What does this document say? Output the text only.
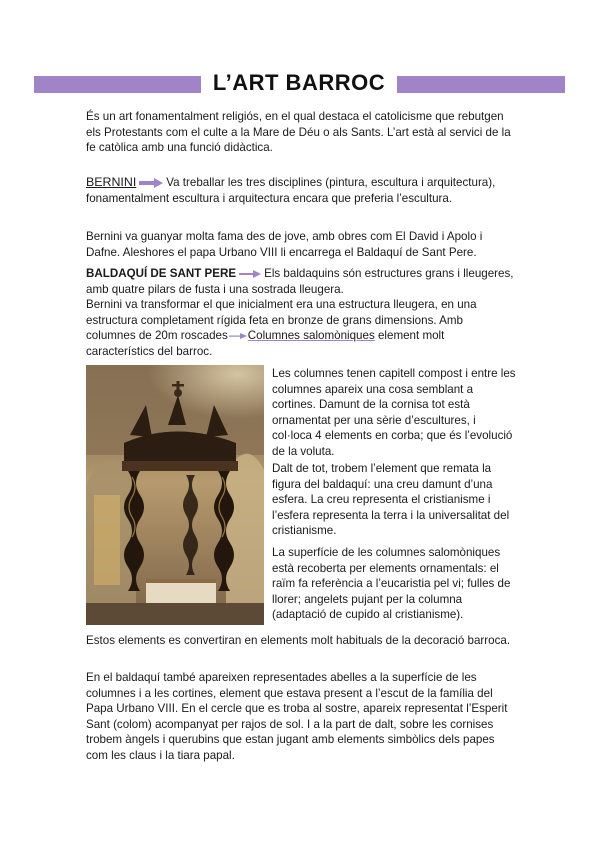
L’ART BARROC

És un art fonamentalment religiós, en el qual destaca el catolicisme que rebutgen els Protestants com el culte a la Mare de Déu o als Sants. L’art està al servici de la fe catòlica amb una funció didàctica.

BERNINI	Va treballar les tres disciplines (pintura, escultura i arquitectura), fonamentalment escultura i arquitectura encara que preferia l’escultura.

Bernini va guanyar molta fama des de jove, amb obres com El David i Apolo i Dafne. Aleshores el papa Urbano VIII li encarrega el Baldaquí de Sant Pere.

BALDAQUÍ DE SANT PERE Els baldaquins són estructures grans i lleugeres, amb quatre pilars de fusta i una sostrada lleugera.
Bernini va transformar el que inicialment era una estructura lleugera, en una estructura completament rígida feta en bronze de grans dimensions. Amb columnes de 20m roscades Columnes salomòniques element molt característics del barroc.

Les columnes tenen capitell compost i entre les columnes apareix una cosa semblant a cortines. Damunt de la cornisa tot està ornamentat per una sèrie d’escultures, i col·loca 4 elements en corba; que és l’evolució de la voluta.

Dalt de tot, trobem l’element que remata la figura del baldaquí: una creu damunt d’una esfera. La creu representa el cristianisme i l’esfera representa la terra i la universalitat del cristianisme.

La superfície de les columnes salomòniques està recoberta per elements ornamentals: el raïm fa referència a l’eucaristia pel vi; fulles de llorer; angelets pujant per la columna (adaptació de cupido al cristianisme).

Estos elements es convertiran en elements molt habituals de la decoració barroca.

En el baldaquí també apareixen representades abelles a la superfície de les columnes i a les cortines, element que estava present a l’escut de la família del Papa Urbano VIII. En el cercle que es troba al sostre, apareix representat l’Esperit Sant (colom) acompanyat per rajos de sol. I a la part de dalt, sobre les cornises trobem àngels i querubins que estan jugant amb elements simbòlics dels papes com les claus i la tiara papal.
